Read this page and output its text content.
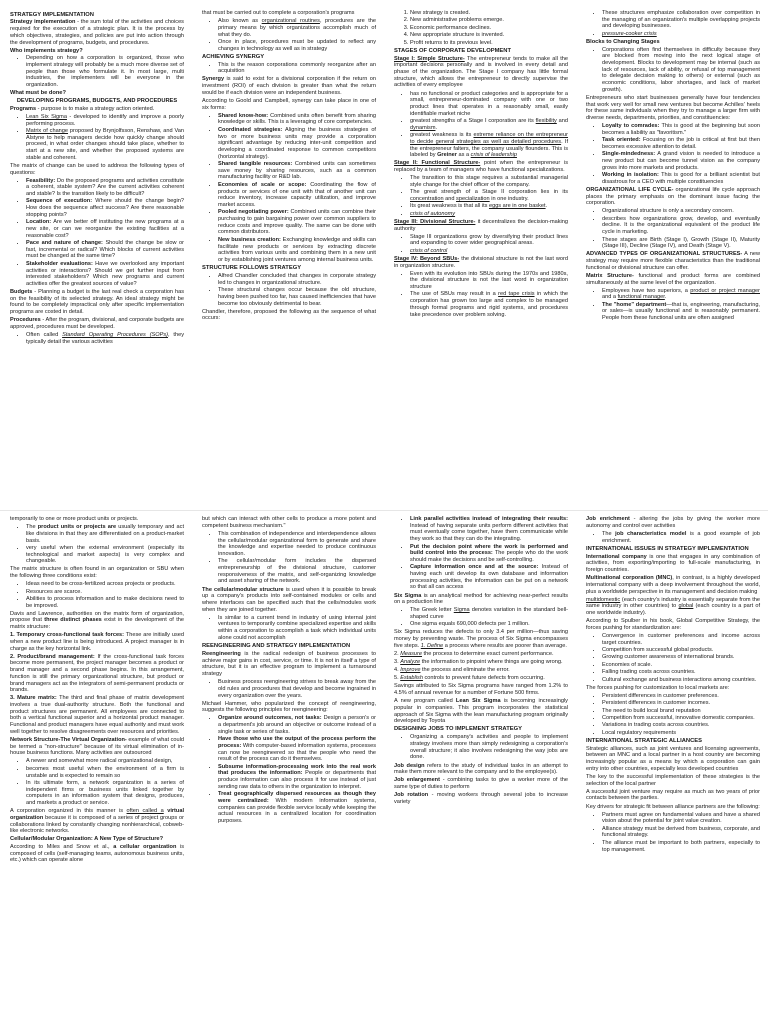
STRATEGY IMPLEMENTATION

Strategy implementation - the sum total of the activities and choices required for the execution of a strategic plan. It is the process by which objectives, strategies, and policies are put into action through the development of programs, budgets, and procedures.

Who implements strategy?
• Depending on how a corporation is organized, those who implement strategy will probably be a much more diverse set of people than those who formulate it. In most large, multi industries, the implementers will be everyone in the organization.
What must be done?
DEVELOPING PROGRAMS, BUDGETS, AND PROCEDURES

Programs - purpose is to make a strategy action oriented.

• Lean Six Sigma - developed to identify and improve a poorly performing process.
• Matrix of change proposed by Brynjolfsson, Renshaw, and Van Alstyne to help managers decide how quickly change should proceed, in what order changes should take place, whether to start at a new site, and whether the proposed systems are stable and coherent.

The matrix of change can be used to address the following types of questions:

• Feasibility: Do the proposed programs and activities constitute a coherent, stable system? Are the current activities coherent and stable? Is the transition likely to be difficult?
• Sequence of execution: Where should the change begin? How does the sequence affect success? Are there reasonable stopping points?
• Location: Are we better off instituting the new programs at a new site, or can we reorganize the existing facilities at a reasonable cost?
• Pace and nature of change: Should the change be slow or fast, incremental or radical? Which blocks of current activities must be changed at the same time?
• Stakeholder evaluations: Have we overlooked any important activities or interactions? Should we get further input from interested stakeholders? Which new programs and current activities offer the greatest sources of value?

Budgets - Planning a budget is the last real check a corporation has on the feasibility of its selected strategy. An ideal strategy might be found to be completely impractical only after specific implementation programs are costed in detail.

Procedures - After the program, divisional, and corporate budgets are approved, procedures must be developed.

• Often called Standard Operating Procedures (SOPs), they typically detail the various activities

that must be carried out to complete a corporation's programs

• Also known as organizational routines, procedures are the primary means by which organizations accomplish much of what they do.
• Once in place, procedures must be updated to reflect any changes in technology as well as in strategy
ACHIEVING SYNERGY
• This is the reason corporations commonly reorganize after an acquisition

Synergy is said to exist for a divisional corporation if the return on investment (ROI) of each division is greater than what the return would be if each division were an independent business.

According to Goold and Campbell, synergy can take place in one of six forms:

• Shared know-how: Combined units often benefit from sharing knowledge or skills. This is a leveraging of core competencies.
• Coordinated strategies: Aligning the business strategies of two or more business units may provide a corporation significant advantage by reducing inter-unit competition and developing a coordinated response to common competitors (horizontal strategy).
• Shared tangible resources: Combined units can sometimes save money by sharing resources, such as a common manufacturing facility or R&D lab.
• Economies of scale or scope: Coordinating the flow of products or services of one unit with that of another unit can reduce inventory, increase capacity utilization, and improve market access.
• Pooled negotiating power: Combined units can combine their purchasing to gain bargaining power over common suppliers to reduce costs and improve quality. The same can be done with common distributors.
• New business creation: Exchanging knowledge and skills can facilitate new products or services by extracting discrete activities from various units and combining them in a new unit or by establishing joint ventures among internal business units.
STRUCTURE FOLLOWS STRATEGY
• Alfred Chandler concluded that changes in corporate strategy led to changes in organizational structure.
• These structural changes occur because the old structure, having been pushed too far, has caused inefficiencies that have become too obviously detrimental to bear.

Chandler, therefore, proposed the following as the sequence of what occurs:

1. New strategy is created.
2. New administrative problems emerge.
3. Economic performance declines.
4. New appropriate structure is invented.
5. Profit returns to its previous level.
STAGES OF CORPORATE DEVELOPMENT

Stage I: Simple Structure- The entrepreneur tends to make all the important decisions personally and is involved in every detail and phase of the organization. The Stage I company has little formal structure, which allows the entrepreneur to directly supervise the activities of every employee

• has no functional or product categories and is appropriate for a small, entrepreneur-dominated company with one or two product lines that operates in a reasonably small, easily identifiable market niche
• greatest strengths of a Stage I corporation are its flexibility and dynamism.
• greatest weakness is its extreme reliance on the entrepreneur to decide general strategies as well as detailed procedures. If the entrepreneur falters, the company usually flounders. This is labeled by Greiner as a crisis of leadership

Stage II: Functional Structure- point when the entrepreneur is replaced by a team of managers who have functional specializations.

• The transition to this stage requires a substantial managerial style change for the chief officer of the company.
• The great strength of a Stage II corporation lies in its concentration and specialization in one industry.
• Its great weakness is that all its eggs are in one basket.
• crisis of autonomy

Stage III: Divisional Structure- it decentralizes the decision-making authority

• Stage III organizations grow by diversifying their product lines and expanding to cover wider geographical areas.
• crisis of control

Stage IV: Beyond SBUs- the divisional structure is not the last word in organization structure.

• Even with its evolution into SBUs during the 1970s and 1980s, the divisional structure is not the last word in organization structure
• The use of SBUs may result in a red tape crisis in which the corporation has grown too large and complex to be managed through formal programs and rigid systems, and procedures take precedence over problem solving.
• These structures emphasize collaboration over competition in the managing of an organization's multiple overlapping projects and developing businesses.
• pressure-cooker crisis
Blocks to Changing Stages
• Corporations often find themselves in difficulty because they are blocked from moving into the next logical stage of development. Blocks to development may be internal (such as lack of resources, lack of ability, or refusal of top management to delegate decision making to others) or external (such as economic conditions, labor shortages, and lack of market growth).

Entrepreneurs who start businesses generally have four tendencies that work very well for small new ventures but become Achilles' heels for these same individuals when they try to manage a larger firm with diverse needs, departments, priorities, and constituencies:

• Loyalty to comrades: This is good at the beginning but soon becomes a liability as "favoritism."
• Task oriented: Focusing on the job is critical at first but then becomes excessive attention to detail.
• Single-mindedness: A grand vision is needed to introduce a new product but can become tunnel vision as the company grows into more markets and products.
• Working in isolation: This is good for a brilliant scientist but disastrous for a CEO with multiple constituencies

ORGANIZATIONAL LIFE CYCLE- organizational life cycle approach places the primary emphasis on the dominant issue facing the corporation.

• Organizational structure is only a secondary concern.
• describes how organizations grow, develop, and eventually decline. It is the organizational equivalent of the product life cycle in marketing.
• These stages are Birth (Stage I), Growth (Stage II), Maturity (Stage III), Decline (Stage IV), and Death (Stage V).

ADVANCED TYPES OF ORGANIZATIONAL STRUCTURES- A new strategy may require more flexible characteristics than the traditional functional or divisional structure can offer.

Matrix Structure- functional and product forms are combined simultaneously at the same level of the organization.

• Employees have two superiors, a product or project manager and a functional manager.
• The "home" department—that is, engineering, manufacturing, or sales—is usually functional and is reasonably permanent. People from these functional units are often assigned

temporarily to one or more product units or projects.

• The product units or projects are usually temporary and act like divisions in that they are differentiated on a product-market basis.
• very useful when the external environment (especially its technological and market aspects) is very complex and changeable.

The matrix structure is often found in an organization or SBU when the following three conditions exist:

• Ideas need to be cross-fertilized across projects or products.
• Resources are scarce.
• Abilities to process information and to make decisions need to be improved.

Davis and Lawrence, authorities on the matrix form of organization, propose that three distinct phases exist in the development of the matrix structure:

1. Temporary cross-functional task forces: These are initially used when a new product line is being introduced. A project manager is in charge as the key horizontal link.

2. Product/brand management: If the cross-functional task forces become more permanent, the project manager becomes a product or brand manager and a second phase begins. In this arrangement, function is still the primary organizational structure, but product or brand managers act as the integrators of semi-permanent products or brands.

3. Mature matrix: The third and final phase of matrix development involves a true dual-authority structure. Both the functional and product structures are permanent. All employees are connected to both a vertical functional superior and a horizontal product manager. Functional and product managers have equal authority and must work well together to resolve disagreements over resources and priorities.

Network Structure-The Virtual Organization- example of what could be termed a "non-structure" because of its virtual elimination of in-house business functions. Many activities are outsourced

• A newer and somewhat more radical organizational design,
• becomes most useful when the environment of a firm is unstable and is expected to remain so
• In its ultimate form, a network organization is a series of independent firms or business units linked together by computers in an information system that designs, produces, and markets a product or service.

A corporation organized in this manner is often called a virtual organization because it is composed of a series of project groups or collaborations linked by constantly changing nonhierarchical, cobweb-like electronic networks.

Cellular/Modular Organization: A New Type of Structure?

According to Miles and Snow et al., a cellular organization is composed of cells (self-managing teams, autonomous business units, etc.) which can operate alone

but which can interact with other cells to produce a more potent and competent business mechanism."

• This combination of independence and interdependence allows the cellular/modular organizational form to generate and share the knowledge and expertise needed to produce continuous innovation.
• The cellular/modular form includes the dispersed entrepreneurship of the divisional structure, customer responsiveness of the matrix, and self-organizing knowledge and asset sharing of the network.

The cellular/modular structure is used when it is possible to break up a company's products into self-contained modules or cells and where interfaces can be specified such that the cells/modules work when they are joined together.

• Is similar to a current trend in industry of using internal joint ventures to temporarily combine specialized expertise and skills within a corporation to accomplish a task which individual units alone could not accomplish
REENGINEERING AND STRATEGY IMPLEMENTATION

Reengineering is the radical redesign of business processes to achieve major gains in cost, service, or time. It is not in itself a type of structure, but it is an effective program to implement a turnaround strategy

• Business process reengineering strives to break away from the old rules and procedures that develop and become ingrained in every organization over the years.

Michael Hammer, who popularized the concept of reengineering, suggests the following principles for reengineering:

• Organize around outcomes, not tasks: Design a person's or a department's job around an objective or outcome instead of a single task or series of tasks.
• Have those who use the output of the process perform the process: With computer-based information systems, processes can now be reengineered so that the people who need the result of the process can do it themselves.
• Subsume information-processing work into the real work that produces the information: People or departments that produce information can also process it for use instead of just sending raw data to others in the organization to interpret.
• Treat geographically dispersed resources as though they were centralized: With modern information systems, companies can provide flexible service locally while keeping the actual resources in a centralized location for coordination purposes.
• Link parallel activities instead of integrating their results: Instead of having separate units perform different activities that must eventually come together, have them communicate while they work so that they can do the integrating.
• Put the decision point where the work is performed and build control into the process: The people who do the work should make the decisions and be self-controlling.
• Capture information once and at the source: Instead of having each unit develop its own database and information processing activities, the information can be put on a network so that all can access

Six Sigma is an analytical method for achieving near-perfect results on a production line

• The Greek letter Sigma denotes variation in the standard bell-shaped curve
• One sigma equals 690,000 defects per 1 million.

Six Sigma reduces the defects to only 3.4 per million—thus saving money by preventing waste. The process of Six Sigma encompasses five steps. 1. Define a process where results are poorer than average.

2. Measure the process to determine exact current performance.

3. Analyze the information to pinpoint where things are going wrong.

4. Improve the process and eliminate the error.

5. Establish controls to prevent future defects from occurring.

Savings attributed to Six Sigma programs have ranged from 1.2% to 4.5% of annual revenue for a number of Fortune 500 firms.

A new program called Lean Six Sigma is becoming increasingly popular in companies. This program incorporates the statistical approach of Six Sigma with the lean manufacturing program originally developed by Toyota

DESIGNING JOBS TO IMPLEMENT STRATEGY
• Organizing a company's activities and people to implement strategy involves more than simply redesigning a corporation's overall structure; it also involves redesigning the way jobs are done.

Job design refers to the study of individual tasks in an attempt to make them more relevant to the company and to the employee(s).

Job enlargement - combining tasks to give a worker more of the same type of duties to perform

Job rotation - moving workers through several jobs to increase variety

Job enrichment - altering the jobs by giving the worker more autonomy and control over activities

• The job characteristics model is a good example of job enrichment.
INTERNATIONAL ISSUES IN STRATEGY IMPLEMENTATION

International company is one that engages in any combination of activities, from exporting/importing to full-scale manufacturing, in foreign countries.

Multinational corporation (MNC), in contrast, is a highly developed international company with a deep involvement throughout the world, plus a worldwide perspective in its management and decision making

multidomestic (each country's industry is essentially separate from the same industry in other countries) to global (each country is a part of one worldwide industry).

According to Spulber in his book, Global Competitive Strategy, the forces pushing for standardization are:

• Convergence in customer preferences and income across target countries.
• Competition from successful global products.
• Growing customer awareness of international brands.
• Economies of scale.
• Falling trading costs across countries.
• Cultural exchange and business interactions among countries.

The forces pushing for customization to local markets are:

• Persistent differences in customer preferences.
• Persistent differences in customer incomes.
• The need to build local brand reputation
• Competition from successful, innovative domestic companies.
• Variations in trading costs across countries.
• Local regulatory requirements
INTERNATIONAL STRATEGIC ALLIANCES

Strategic alliances, such as joint ventures and licensing agreements, between an MNC and a local partner in a host country are becoming increasingly popular as a means by which a corporation can gain entry into other countries, especially less developed countries

The key to the successful implementation of these strategies is the selection of the local partner

A successful joint venture may require as much as two years of prior contacts between the parties.

Key drivers for strategic fit between alliance partners are the following:

• Partners must agree on fundamental values and have a shared vision about the potential for joint value creation.
• Alliance strategy must be derived from business, corporate, and functional strategy.
• The alliance must be important to both partners, especially to top management.
